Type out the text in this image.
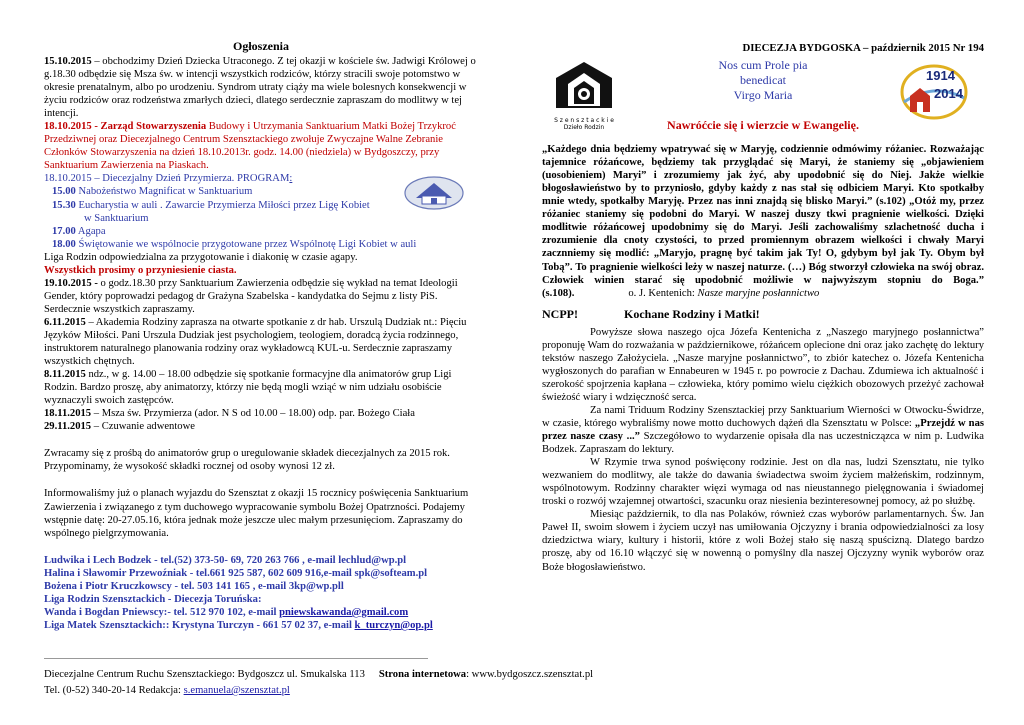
Ogłoszenia

15.10.2015 – obchodzimy Dzień Dziecka Utraconego. Z tej okazji w kościele św. Jadwigi Królowej o g.18.30 odbędzie się Msza św. w intencji wszystkich rodziców, którzy stracili swoje potomstwo w okresie prenatalnym, albo po urodzeniu. Syndrom utraty ciąży ma wiele bolesnych konsekwencji w życiu rodziców oraz rodzeństwa zmarłych dzieci, dlatego serdecznie zapraszam do modlitwy w tej intencji.

18.10.2015 - Zarząd Stowarzyszenia Budowy i Utrzymania Sanktuarium Matki Bożej Trzykroć Przedziwnej oraz Diecezjalnego Centrum Szensztackiego zwołuje Zwyczajne Walne Zebranie Członków Stowarzyszenia na dzień 18.10.2013r. godz. 14.00 (niedziela) w Bydgoszczy, przy Sanktuarium Zawierzenia na Piaskach.

18.10.2015 – Diecezjalny Dzień Przymierza. PROGRAM:

15.00 Nabożeństwo Magnificat w Sanktuarium

15.30 Eucharystia w auli . Zawarcie Przymierza Miłości przez Ligę Kobiet

w Sanktuarium

17.00 Agapa

18.00 Świętowanie we wspólnocie przygotowane przez Wspólnotę Ligi Kobiet w auli

Liga Rodzin odpowiedzialna za przygotowanie i diakonię w czasie agapy.

Wszystkich prosimy o przyniesienie ciasta.

19.10.2015 - o godz.18.30 przy Sanktuarium Zawierzenia odbędzie się wykład na temat Ideologii Gender, który poprowadzi pedagog dr Grażyna Szabelska - kandydatka do Sejmu z listy PiS. Serdecznie wszystkich zapraszamy.

6.11.2015 – Akademia Rodziny zaprasza na otwarte spotkanie z dr hab. Urszulą Dudziak nt.: Pięciu Języków Miłości. Pani Urszula Dudziak jest psychologiem, teologiem, doradcą życia rodzinnego, instruktorem naturalnego planowania rodziny oraz wykładowcą KUL-u. Serdecznie zapraszamy wszystkich chętnych.

8.11.2015 ndz., w g. 14.00 – 18.00 odbędzie się spotkanie formacyjne dla animatorów grup Ligi Rodzin. Bardzo proszę, aby animatorzy, którzy nie będą mogli wziąć w nim udziału osobiście wyznaczyli swoich zastępców.

18.11.2015 – Msza św. Przymierza (ador. N S od 10.00 – 18.00) odp. par. Bożego Ciała

29.11.2015 – Czuwanie adwentowe

Zwracamy się z prośbą do animatorów grup o uregulowanie składek diecezjalnych za 2015 rok. Przypominamy, że wysokość składki rocznej od osoby wynosi 12 zł.

Informowaliśmy już o planach wyjazdu do Szensztat z okazji 15 rocznicy poświęcenia Sanktuarium Zawierzenia i związanego z tym duchowego wypracowanie symbolu Bożej Opatrzności. Podajemy wstępnie datę: 20-27.05.16, która jednak może jeszcze ulec małym przesunięciom. Zapraszamy do wspólnego pielgrzymowania.

Ludwika i Lech Bodzek - tel.(52) 373-50- 69, 720 263 766 , e-mail lechlud@wp.pl

Halina i Sławomir Przewoźniak - tel.661 925 587, 602 609 916,e-mail spk@softeam.pl

Bożena i Piotr Kruczkowscy - tel. 503 141 165 , e-mail 3kp@wp.pll

Liga Rodzin Szensztackich - Diecezja Toruńska:

Wanda i Bogdan Pniewscy:- tel. 512 970 102, e-mail pniewskawanda@gmail.com

Liga Matek Szensztackich:: Krystyna Turczyn - 661 57 02 37, e-mail k_turczyn@op.pl

DIECEZJA BYDGOSKA – październik 2015 Nr 194
Nos cum Prole pia
benedicat
Virgo Maria
Nawróćcie się i wierzcie w Ewangelię.

„Każdego dnia będziemy wpatrywać się w Maryję, codziennie odmówimy różaniec. Rozważając tajemnice różańcowe, będziemy tak przyglądać się Maryi, że staniemy się „objawieniem (uosobieniem) Maryi” i zrozumiemy jak żyć, aby upodobnić się do Niej. Jakże wielkie błogosławieństwo by to przyniosło, gdyby każdy z nas stał się odbiciem Maryi. Kto spotkałby mnie wtedy, spotkałby Maryję. Przez nas inni znajdą się blisko Maryi.” (s.102) „Otóż my, przez różaniec staniemy się podobni do Maryi. W naszej duszy tkwi pragnienie wielkości. Dzięki modlitwie różańcowej upodobnimy się do Maryi. Jeśli zachowaliśmy szlachetność ducha i zrozumienie dla cnoty czystości, to przed promiennym obrazem wielkości i chwały Maryi zacznniemy się modlić: „Maryjo, pragnę być takim jak Ty! O, gdybym był jak Ty. Obym był Tobą”. To pragnienie wielkości leży w naszej naturze. (…) Bóg stworzył człowieka na swój obraz. Człowiek winien starać się upodobnić możliwie w najwyższym stopniu do Boga.” (s.108).	o. J. Kentenich: Nasze maryjne posłannictwo

NCPP!	Kochane Rodziny i Matki!

Powyższe słowa naszego ojca Józefa Kentenicha z „Naszego maryjnego posłannictwa” proponuję Wam do rozważania w październikowe, różańcem oplecione dni oraz jako zachętę do lektury tekstów naszego Założyciela. „Nasze maryjne posłannictwo”, to zbiór katechez o. Józefa Kentenicha wygłoszonych do parafian w Ennabeuren w 1945 r. po powrocie z Dachau. Zdumiewa ich aktualność i szerokość spojrzenia kapłana – człowieka, który pomimo wielu ciężkich obozowych przeżyć zachował świeżość wiary i wdzięczność serca.

Za nami Triduum Rodziny Szensztackiej przy Sanktuarium Wierności w Otwocku-Świdrze, w czasie, którego wybraliśmy nowe motto duchowych dążeń dla Szensztatu w Polsce: „Przejdź w nas przez nasze czasy ...” Szczegółowo to wydarzenie opisała dla nas uczestniczązca w nim p. Ludwika Bodzek. Zapraszam do lektury.

W Rzymie trwa synod poświęcony rodzinie. Jest on dla nas, ludzi Szensztatu, nie tylko wezwaniem do modlitwy, ale także do dawania świadectwa swoim życiem małżeńskim, rodzinnym, wspólnotowym. Rodzinny charakter więzi wymaga od nas nieustannego pielęgnowania i świadomej troski o rozwój wzajemnej otwartości, szacunku oraz niesienia bezinteresownej pomocy, aż po służbę.

Miesiąc październik, to dla nas Polaków, również czas wyborów parlamentarnych. Św. Jan Paweł II, swoim słowem i życiem uczył nas umiłowania Ojczyzny i brania odpowiedzialności za losy dziedzictwa wiary, kultury i historii, które z woli Bożej stało się naszą spuścizną. Dlatego bardzo proszę, aby od 16.10 włączyć się w nowenną o pomyślny dla naszej Ojczyzny wynik wyborów oraz Boże błogosławieństwo.

S z e n s z t a c k i e
Dzieło Rodzin
1914
2014
Diecezjalne Centrum Ruchu Szensztackiego: Bydgoszcz ul. Smukalska 113 Strona internetowa: www.bydgoszcz.szensztat.pl
Tel. (0-52) 340-20-14 Redakcja: s.emanuela@szensztat.pl
